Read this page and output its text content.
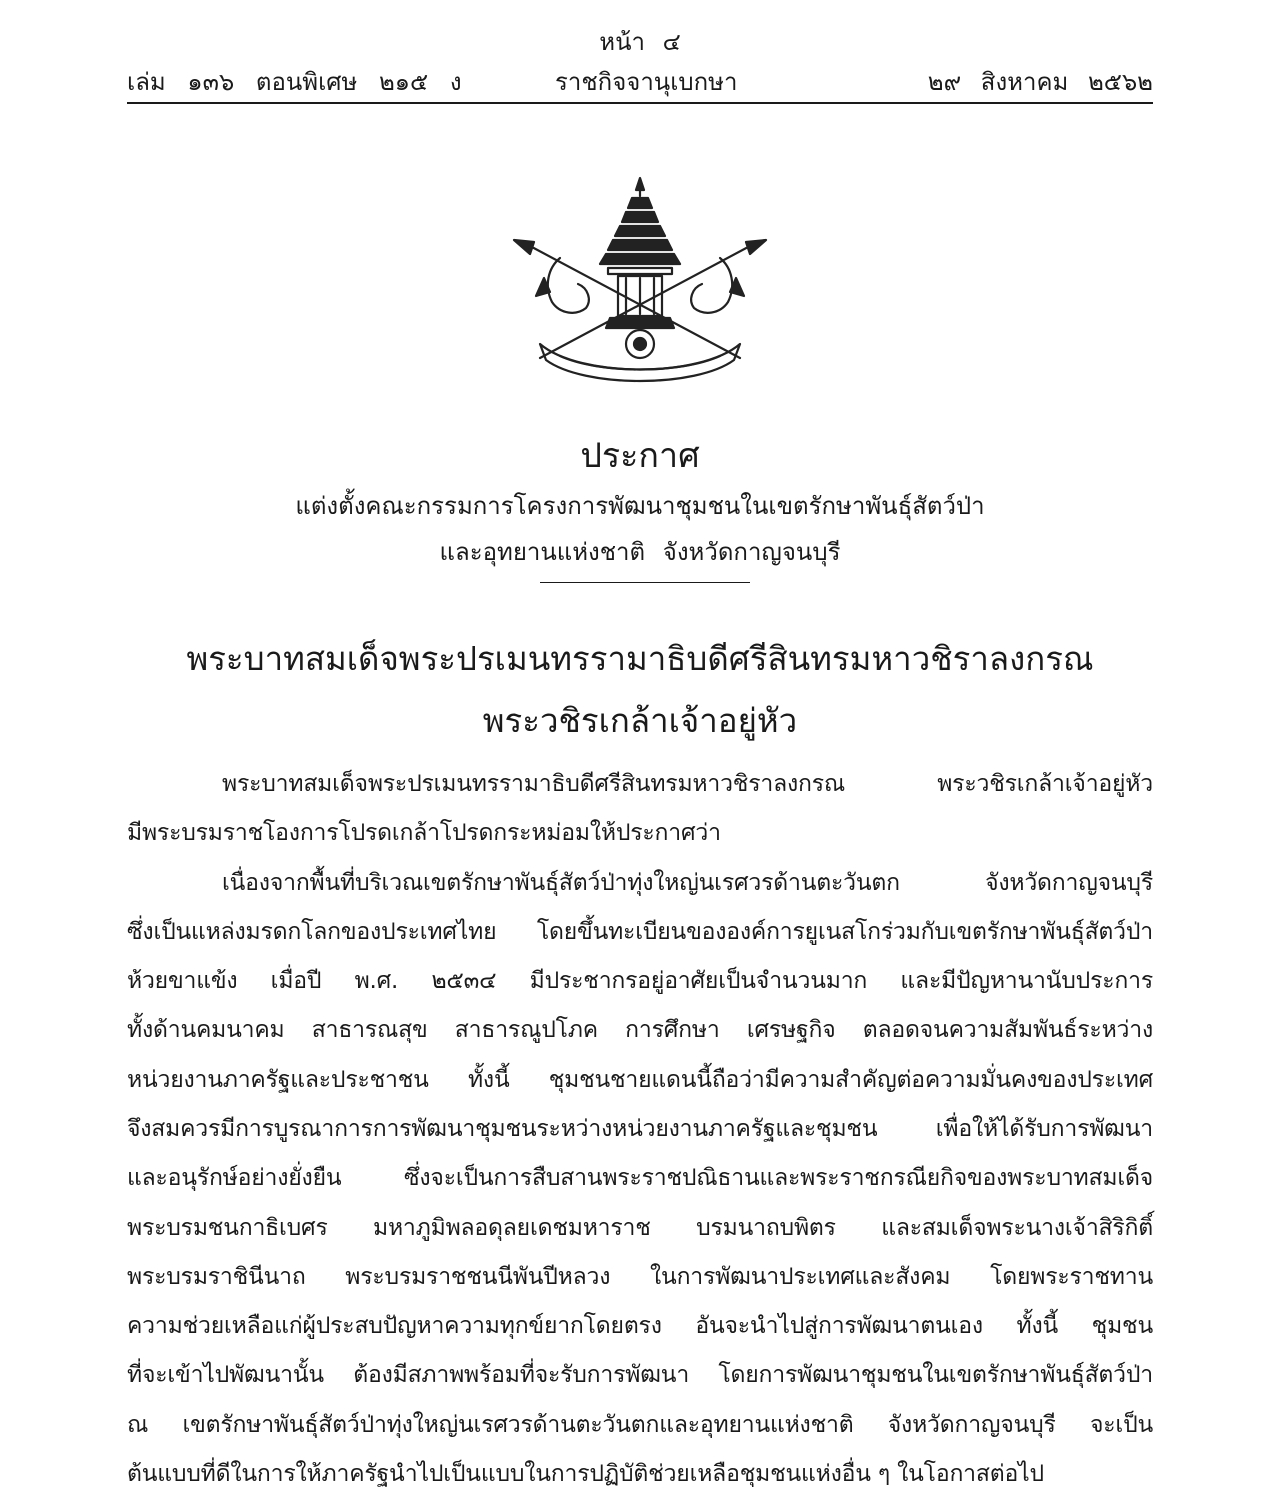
หน้า ๔
เล่ม ๑๓๖ ตอนพิเศษ ๒๑๕ ง	ราชกิจจานุเบกษา	๒๙ สิงหาคม ๒๕๖๒
ประกาศ
แต่งตั้งคณะกรรมการโครงการพัฒนาชุมชนในเขตรักษาพันธุ์สัตว์ป่า
และอุทยานแห่งชาติ จังหวัดกาญจนบุรี
พระบาทสมเด็จพระปรเมนทรรามาธิบดีศรีสินทรมหาวชิราลงกรณ
พระวชิรเกล้าเจ้าอยู่หัว
พระบาทสมเด็จพระปรเมนทรรามาธิบดีศรีสินทรมหาวชิราลงกรณ พระวชิรเกล้าเจ้าอยู่หัว
มีพระบรมราชโองการโปรดเกล้าโปรดกระหม่อมให้ประกาศว่า
เนื่องจากพื้นที่บริเวณเขตรักษาพันธุ์สัตว์ป่าทุ่งใหญ่นเรศวรด้านตะวันตก จังหวัดกาญจนบุรี
ซึ่งเป็นแหล่งมรดกโลกของประเทศไทย โดยขึ้นทะเบียนขององค์การยูเนสโกร่วมกับเขตรักษาพันธุ์สัตว์ป่า
ห้วยขาแข้ง เมื่อปี พ.ศ. ๒๕๓๔ มีประชากรอยู่อาศัยเป็นจำนวนมาก และมีปัญหานานับประการ
ทั้งด้านคมนาคม สาธารณสุข สาธารณูปโภค การศึกษา เศรษฐกิจ ตลอดจนความสัมพันธ์ระหว่าง
หน่วยงานภาครัฐและประชาชน ทั้งนี้ ชุมชนชายแดนนี้ถือว่ามีความสำคัญต่อความมั่นคงของประเทศ
จึงสมควรมีการบูรณาการการพัฒนาชุมชนระหว่างหน่วยงานภาครัฐและชุมชน เพื่อให้ได้รับการพัฒนา
และอนุรักษ์อย่างยั่งยืน ซึ่งจะเป็นการสืบสานพระราชปณิธานและพระราชกรณียกิจของพระบาทสมเด็จ
พระบรมชนกาธิเบศร มหาภูมิพลอดุลยเดชมหาราช บรมนาถบพิตร และสมเด็จพระนางเจ้าสิริกิติ์
พระบรมราชินีนาถ พระบรมราชชนนีพันปีหลวง ในการพัฒนาประเทศและสังคม โดยพระราชทาน
ความช่วยเหลือแก่ผู้ประสบปัญหาความทุกข์ยากโดยตรง อันจะนำไปสู่การพัฒนาตนเอง ทั้งนี้ ชุมชน
ที่จะเข้าไปพัฒนานั้น ต้องมีสภาพพร้อมที่จะรับการพัฒนา โดยการพัฒนาชุมชนในเขตรักษาพันธุ์สัตว์ป่า
ณ เขตรักษาพันธุ์สัตว์ป่าทุ่งใหญ่นเรศวรด้านตะวันตกและอุทยานแห่งชาติ จังหวัดกาญจนบุรี จะเป็น
ต้นแบบที่ดีในการให้ภาครัฐนำไปเป็นแบบในการปฏิบัติช่วยเหลือชุมชนแห่งอื่น ๆ ในโอกาสต่อไป
